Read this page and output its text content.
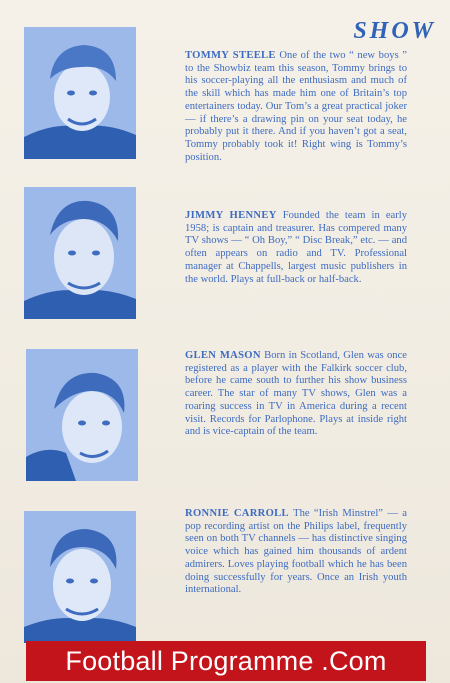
SHOW
TOMMY STEELE One of the two “ new boys ” to the Showbiz team this season, Tommy brings to his soccer-playing all the enthusiasm and much of the skill which has made him one of Britain’s top entertainers today. Our Tom’s a great practical joker — if there’s a drawing pin on your seat today, he probably put it there. And if you haven’t got a seat, Tommy probably took it! Right wing is Tommy’s position.
JIMMY HENNEY Founded the team in early 1958; is captain and treasurer. Has compered many TV shows — “ Oh Boy,” “ Disc Break,” etc. — and often appears on radio and TV. Professional manager at Chappells, largest music publishers in the world. Plays at full-back or half-back.
GLEN MASON Born in Scotland, Glen was once registered as a player with the Falkirk soccer club, before he came south to further his show business career. The star of many TV shows, Glen was a roaring success in TV in America during a recent visit. Records for Parlophone. Plays at inside right and is vice-captain of the team.
RONNIE CARROLL The “Irish Minstrel” — a pop recording artist on the Philips label, frequently seen on both TV channels — has distinctive singing voice which has gained him thousands of ardent admirers. Loves playing football which he has been doing successfully for years. Once an Irish youth international.
Football Programme .Com
